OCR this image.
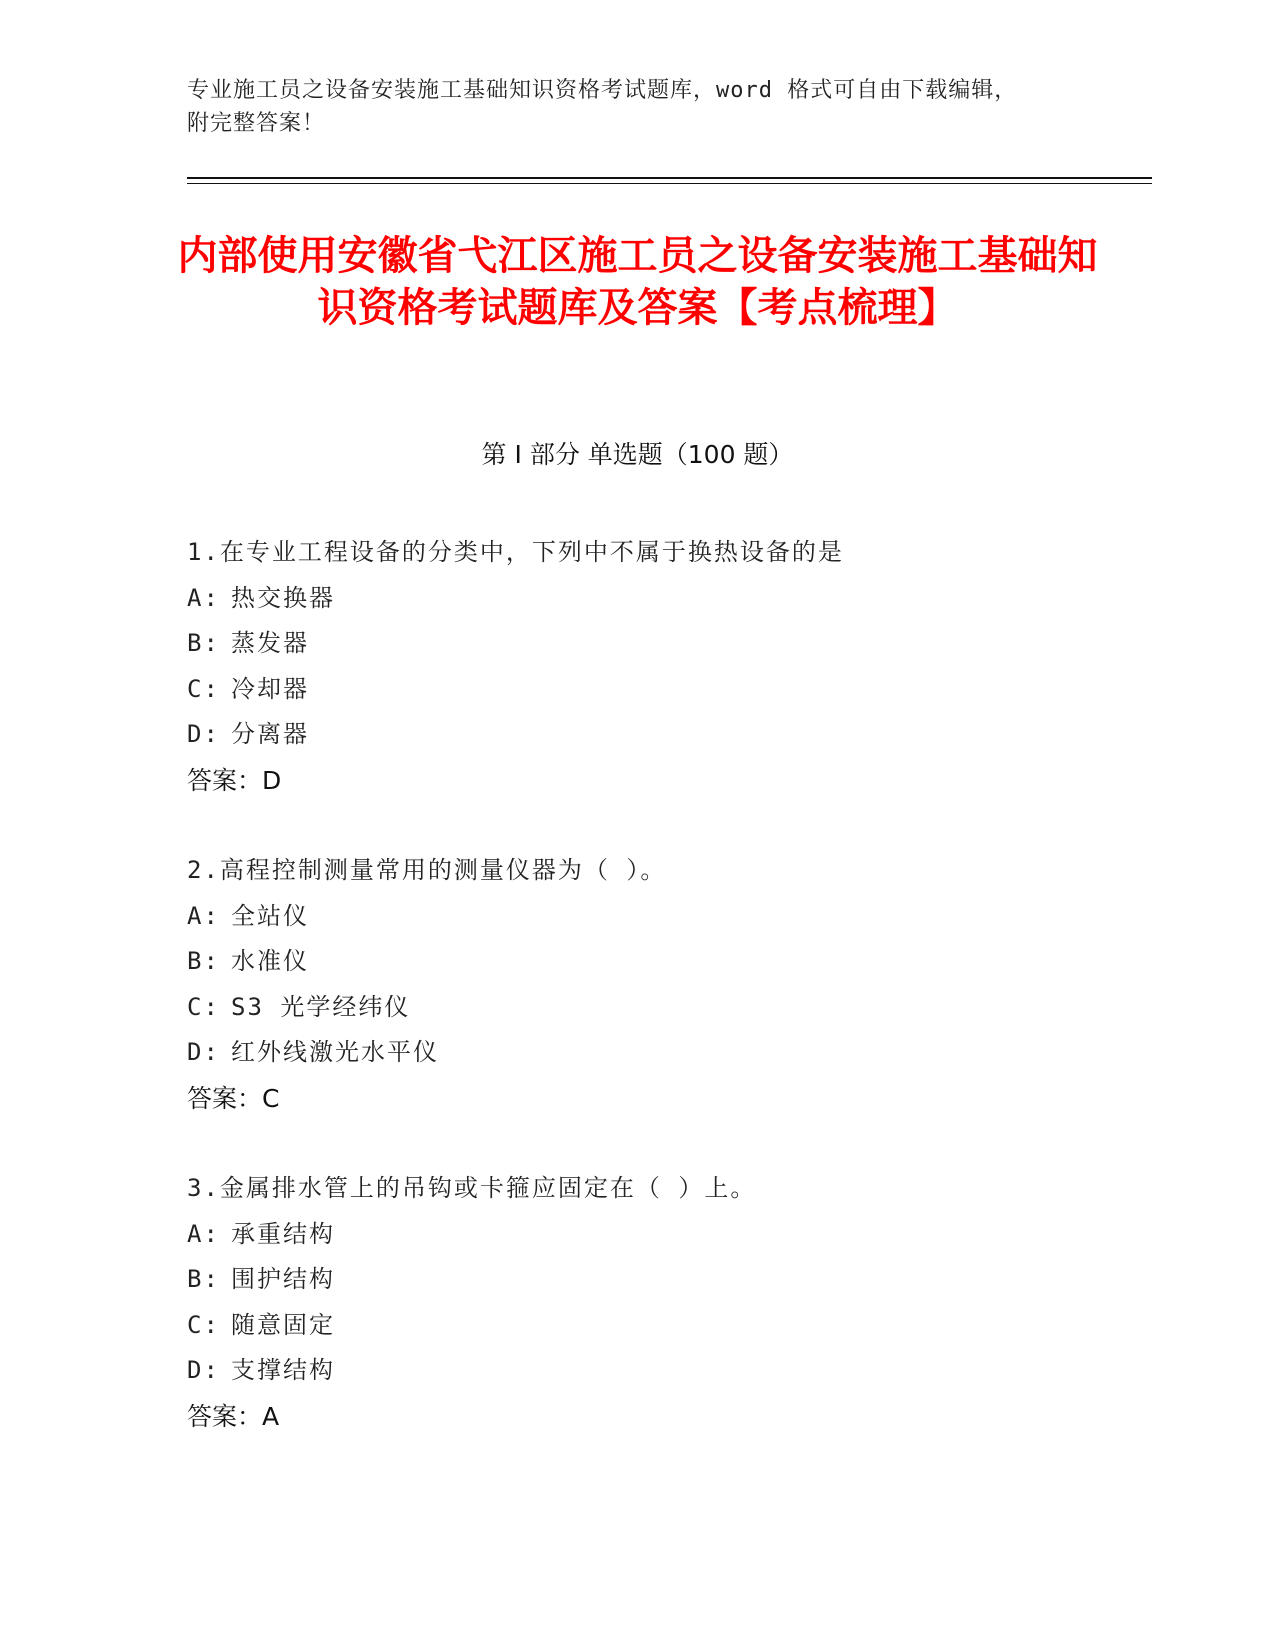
专业施工员之设备安装施工基础知识资格考试题库，word 格式可自由下载编辑，
附完整答案！
内部使用安徽省弋江区施工员之设备安装施工基础知识资格考试题库及答案【考点梳理】
第 I 部分 单选题（100 题）
1.在专业工程设备的分类中，下列中不属于换热设备的是
A: 热交换器
B: 蒸发器
C: 冷却器
D: 分离器
答案：D
2.高程控制测量常用的测量仪器为（ ）。
A: 全站仪
B: 水准仪
C: S3 光学经纬仪
D: 红外线激光水平仪
答案：C
3.金属排水管上的吊钩或卡箍应固定在（ ）上。
A: 承重结构
B: 围护结构
C: 随意固定
D: 支撑结构
答案：A
